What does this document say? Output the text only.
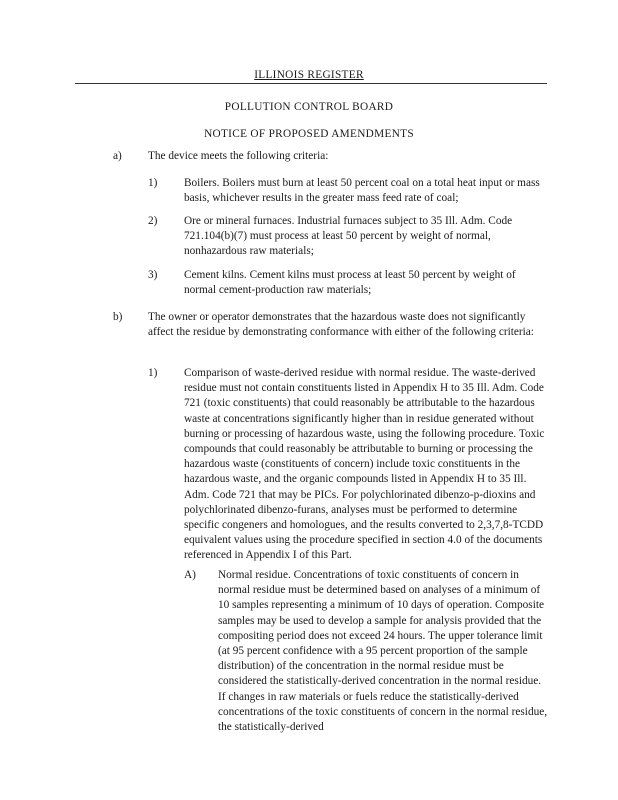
ILLINOIS REGISTER
POLLUTION CONTROL BOARD
NOTICE OF PROPOSED AMENDMENTS
a) The device meets the following criteria:
1) Boilers. Boilers must burn at least 50 percent coal on a total heat input or mass basis, whichever results in the greater mass feed rate of coal;
2) Ore or mineral furnaces. Industrial furnaces subject to 35 Ill. Adm. Code 721.104(b)(7) must process at least 50 percent by weight of normal, nonhazardous raw materials;
3) Cement kilns. Cement kilns must process at least 50 percent by weight of normal cement-production raw materials;
b) The owner or operator demonstrates that the hazardous waste does not significantly affect the residue by demonstrating conformance with either of the following criteria:
1) Comparison of waste-derived residue with normal residue. The waste-derived residue must not contain constituents listed in Appendix H to 35 Ill. Adm. Code 721 (toxic constituents) that could reasonably be attributable to the hazardous waste at concentrations significantly higher than in residue generated without burning or processing of hazardous waste, using the following procedure. Toxic compounds that could reasonably be attributable to burning or processing the hazardous waste (constituents of concern) include toxic constituents in the hazardous waste, and the organic compounds listed in Appendix H to 35 Ill. Adm. Code 721 that may be PICs. For polychlorinated dibenzo-p-dioxins and polychlorinated dibenzo-furans, analyses must be performed to determine specific congeners and homologues, and the results converted to 2,3,7,8-TCDD equivalent values using the procedure specified in section 4.0 of the documents referenced in Appendix I of this Part.
A) Normal residue. Concentrations of toxic constituents of concern in normal residue must be determined based on analyses of a minimum of 10 samples representing a minimum of 10 days of operation. Composite samples may be used to develop a sample for analysis provided that the compositing period does not exceed 24 hours. The upper tolerance limit (at 95 percent confidence with a 95 percent proportion of the sample distribution) of the concentration in the normal residue must be considered the statistically-derived concentration in the normal residue. If changes in raw materials or fuels reduce the statistically-derived concentrations of the toxic constituents of concern in the normal residue, the statistically-derived
